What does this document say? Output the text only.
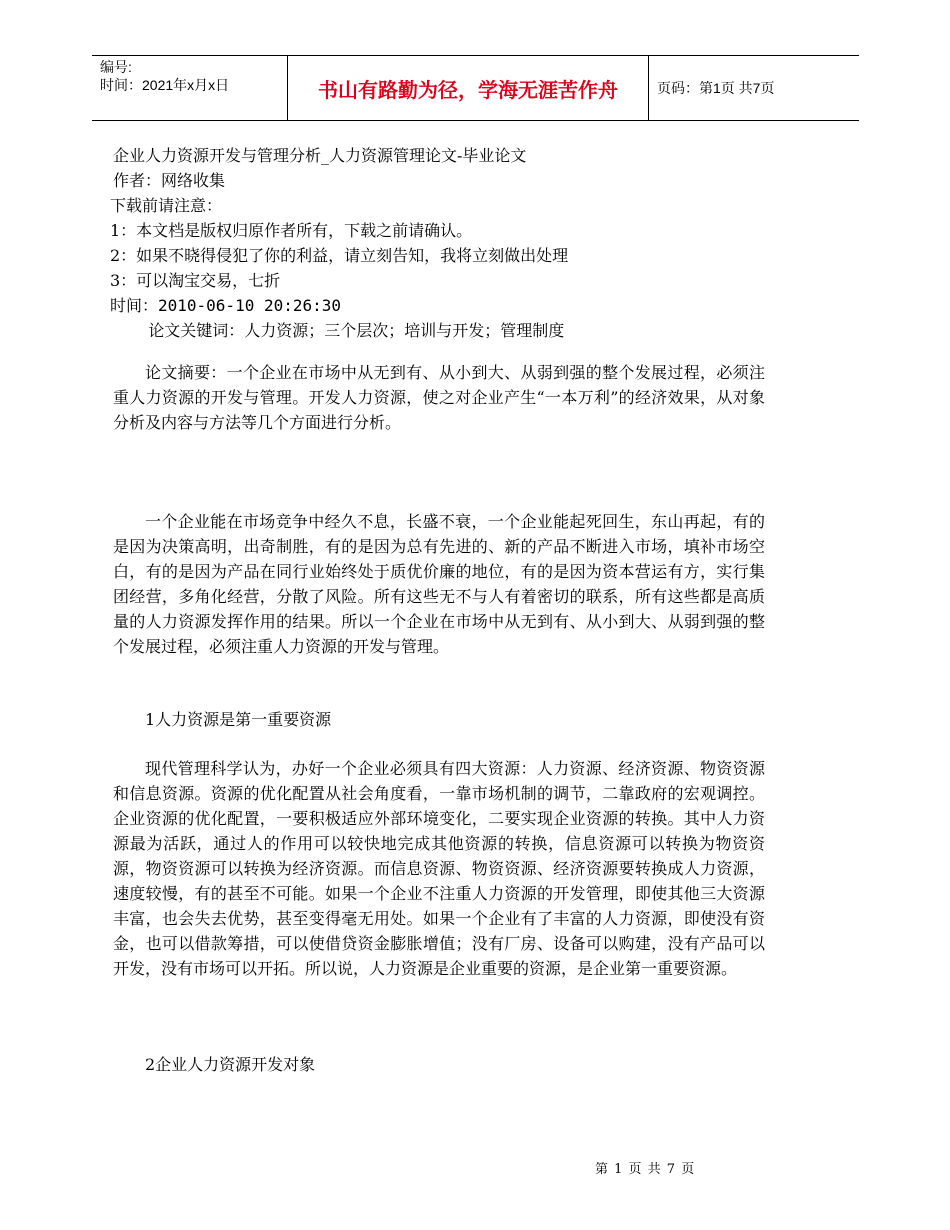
编号:
时间：2021年x月x日	书山有路勤为径，学海无涯苦作舟	页码：第1页 共7页

企业人力资源开发与管理分析_人力资源管理论文-毕业论文

作者：网络收集

下载前请注意：

1：本文档是版权归原作者所有，下载之前请确认。

2：如果不晓得侵犯了你的利益，请立刻告知，我将立刻做出处理

3：可以淘宝交易，七折

时间：2010-06-10 20:26:30

论文关键词：人力资源；三个层次；培训与开发；管理制度

论文摘要：一个企业在市场中从无到有、从小到大、从弱到强的整个发展过程，必须注重人力资源的开发与管理。开发人力资源，使之对企业产生“一本万利”的经济效果，从对象分析及内容与方法等几个方面进行分析。

一个企业能在市场竞争中经久不息，长盛不衰，一个企业能起死回生，东山再起，有的是因为决策高明，出奇制胜，有的是因为总有先进的、新的产品不断进入市场，填补市场空白，有的是因为产品在同行业始终处于质优价廉的地位，有的是因为资本营运有方，实行集团经营，多角化经营，分散了风险。所有这些无不与人有着密切的联系，所有这些都是高质量的人力资源发挥作用的结果。所以一个企业在市场中从无到有、从小到大、从弱到强的整个发展过程，必须注重人力资源的开发与管理。

1人力资源是第一重要资源

现代管理科学认为，办好一个企业必须具有四大资源：人力资源、经济资源、物资资源和信息资源。资源的优化配置从社会角度看，一靠市场机制的调节，二靠政府的宏观调控。企业资源的优化配置，一要积极适应外部环境变化，二要实现企业资源的转换。其中人力资源最为活跃，通过人的作用可以较快地完成其他资源的转换，信息资源可以转换为物资资源，物资资源可以转换为经济资源。而信息资源、物资资源、经济资源要转换成人力资源，速度较慢，有的甚至不可能。如果一个企业不注重人力资源的开发管理，即使其他三大资源丰富，也会失去优势，甚至变得毫无用处。如果一个企业有了丰富的人力资源，即使没有资金，也可以借款筹措，可以使借贷资金膨胀增值；没有厂房、设备可以购建，没有产品可以开发，没有市场可以开拓。所以说，人力资源是企业重要的资源，是企业第一重要资源。

2企业人力资源开发对象
第 1 页 共 7 页
